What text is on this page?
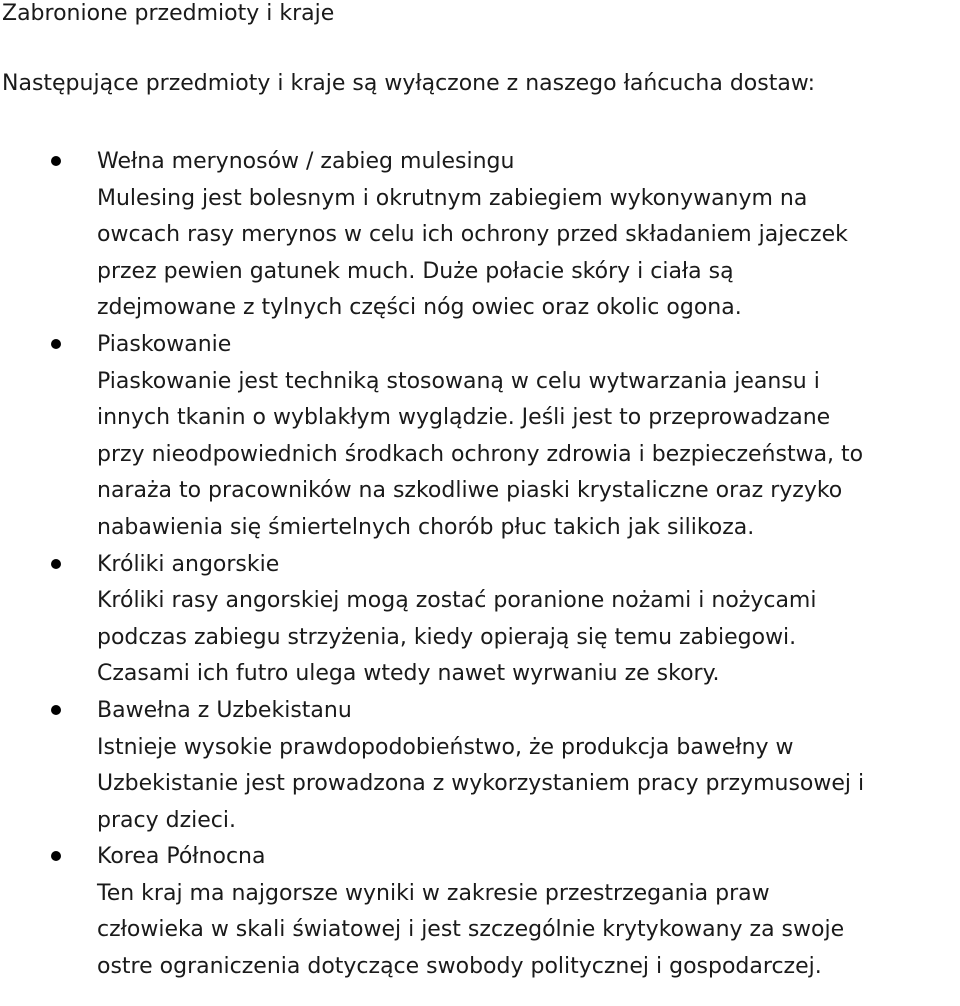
Zabronione przedmioty i kraje

Następujące przedmioty i kraje są wyłączone z naszego łańcucha dostaw:

Wełna merynosów / zabieg mulesingu
Mulesing jest bolesnym i okrutnym zabiegiem wykonywanym na
owcach rasy merynos w celu ich ochrony przed składaniem jajeczek
przez pewien gatunek much. Duże połacie skóry i ciała są
zdejmowane z tylnych części nóg owiec oraz okolic ogona.
Piaskowanie
Piaskowanie jest techniką stosowaną w celu wytwarzania jeansu i
innych tkanin o wyblakłym wyglądzie. Jeśli jest to przeprowadzane
przy nieodpowiednich środkach ochrony zdrowia i bezpieczeństwa, to
naraża to pracowników na szkodliwe piaski krystaliczne oraz ryzyko
nabawienia się śmiertelnych chorób płuc takich jak silikoza.
Króliki angorskie
Króliki rasy angorskiej mogą zostać poranione nożami i nożycami
podczas zabiegu strzyżenia, kiedy opierają się temu zabiegowi.
Czasami ich futro ulega wtedy nawet wyrwaniu ze skory.
Bawełna z Uzbekistanu
Istnieje wysokie prawdopodobieństwo, że produkcja bawełny w
Uzbekistanie jest prowadzona z wykorzystaniem pracy przymusowej i
pracy dzieci.
Korea Północna
Ten kraj ma najgorsze wyniki w zakresie przestrzegania praw
człowieka w skali światowej i jest szczególnie krytykowany za swoje
ostre ograniczenia dotyczące swobody politycznej i gospodarczej.
